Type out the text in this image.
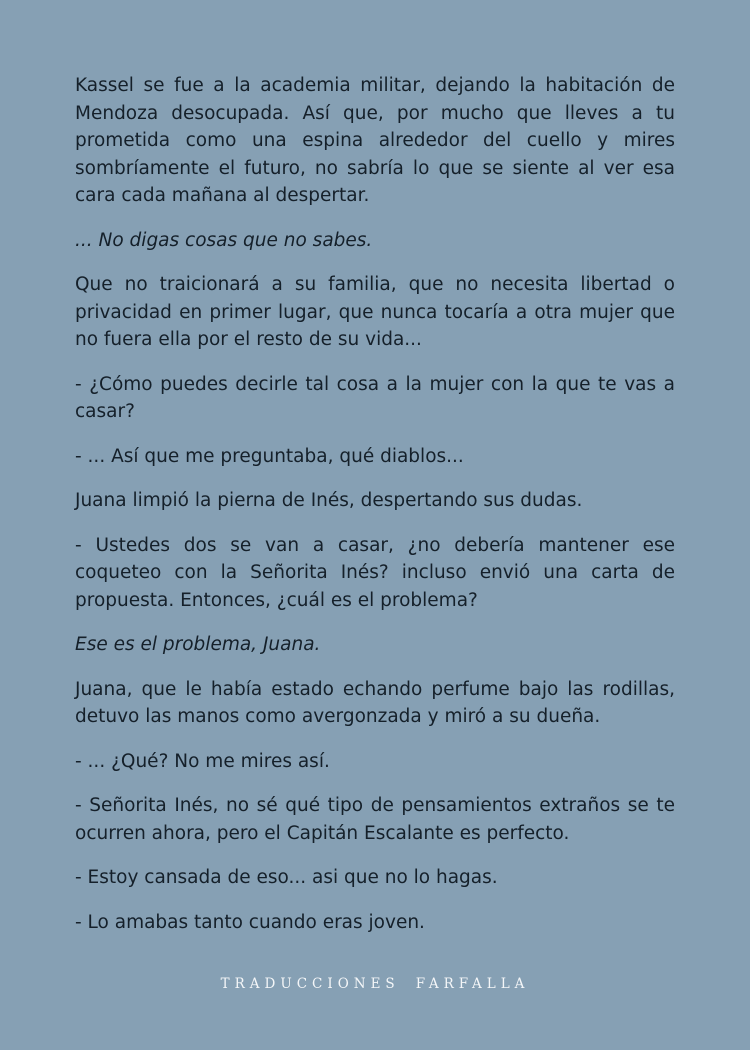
Kassel se fue a la academia militar, dejando la habitación de Mendoza desocupada. Así que, por mucho que lleves a tu prometida como una espina alrededor del cuello y mires sombríamente el futuro, no sabría lo que se siente al ver esa cara cada mañana al despertar.

... No digas cosas que no sabes.

Que no traicionará a su familia, que no necesita libertad o privacidad en primer lugar, que nunca tocaría a otra mujer que no fuera ella por el resto de su vida...

- ¿Cómo puedes decirle tal cosa a la mujer con la que te vas a casar?

- ... Así que me preguntaba, qué diablos...

Juana limpió la pierna de Inés, despertando sus dudas.

- Ustedes dos se van a casar, ¿no debería mantener ese coqueteo con la Señorita Inés? incluso envió una carta de propuesta. Entonces, ¿cuál es el problema?

Ese es el problema, Juana.

Juana, que le había estado echando perfume bajo las rodillas, detuvo las manos como avergonzada y miró a su dueña.

- ... ¿Qué? No me mires así.

- Señorita Inés, no sé qué tipo de pensamientos extraños se te ocurren ahora, pero el Capitán Escalante es perfecto.

- Estoy cansada de eso... asi que no lo hagas.

- Lo amabas tanto cuando eras joven.

TRADUCCIONES FARFALLA
